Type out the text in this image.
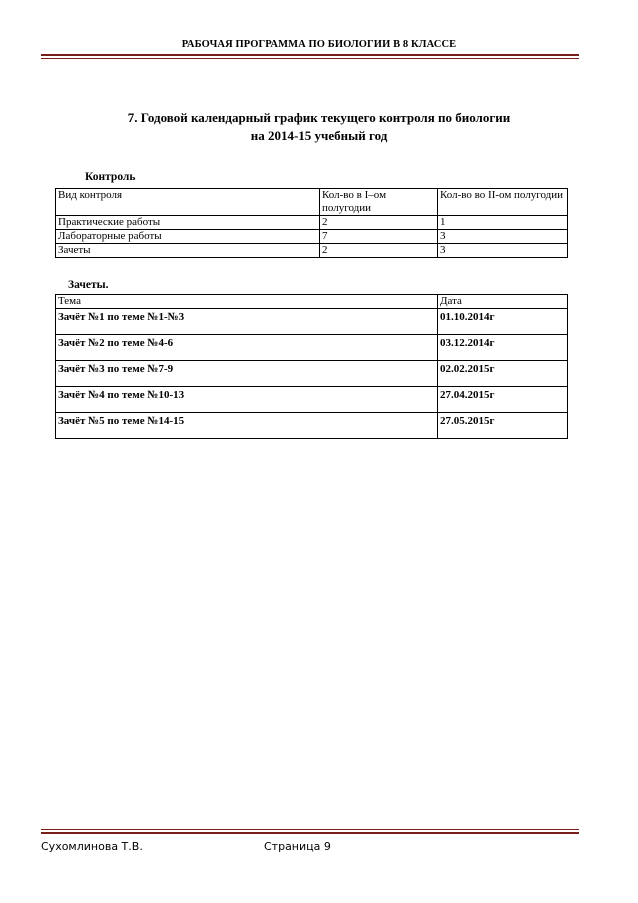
РАБОЧАЯ ПРОГРАММА ПО БИОЛОГИИ В 8 КЛАССЕ
7. Годовой календарный график текущего контроля по биологии
на 2014-15 учебный год
Контроль
Вид контроля	Кол-во в I–ом полугодии	Кол-во во II-ом полугодии
Практические работы	2	1
Лабораторные работы	7	3
Зачеты	2	3
Зачеты.
Тема	Дата
Зачёт №1 по теме №1-№3	01.10.2014г
Зачёт №2 по теме №4-6	03.12.2014г
Зачёт №3 по теме №7-9	02.02.2015г
Зачёт №4 по теме №10-13	27.04.2015г
Зачёт №5 по теме №14-15	27.05.2015г
Сухомлинова Т.В.	Страница 9
